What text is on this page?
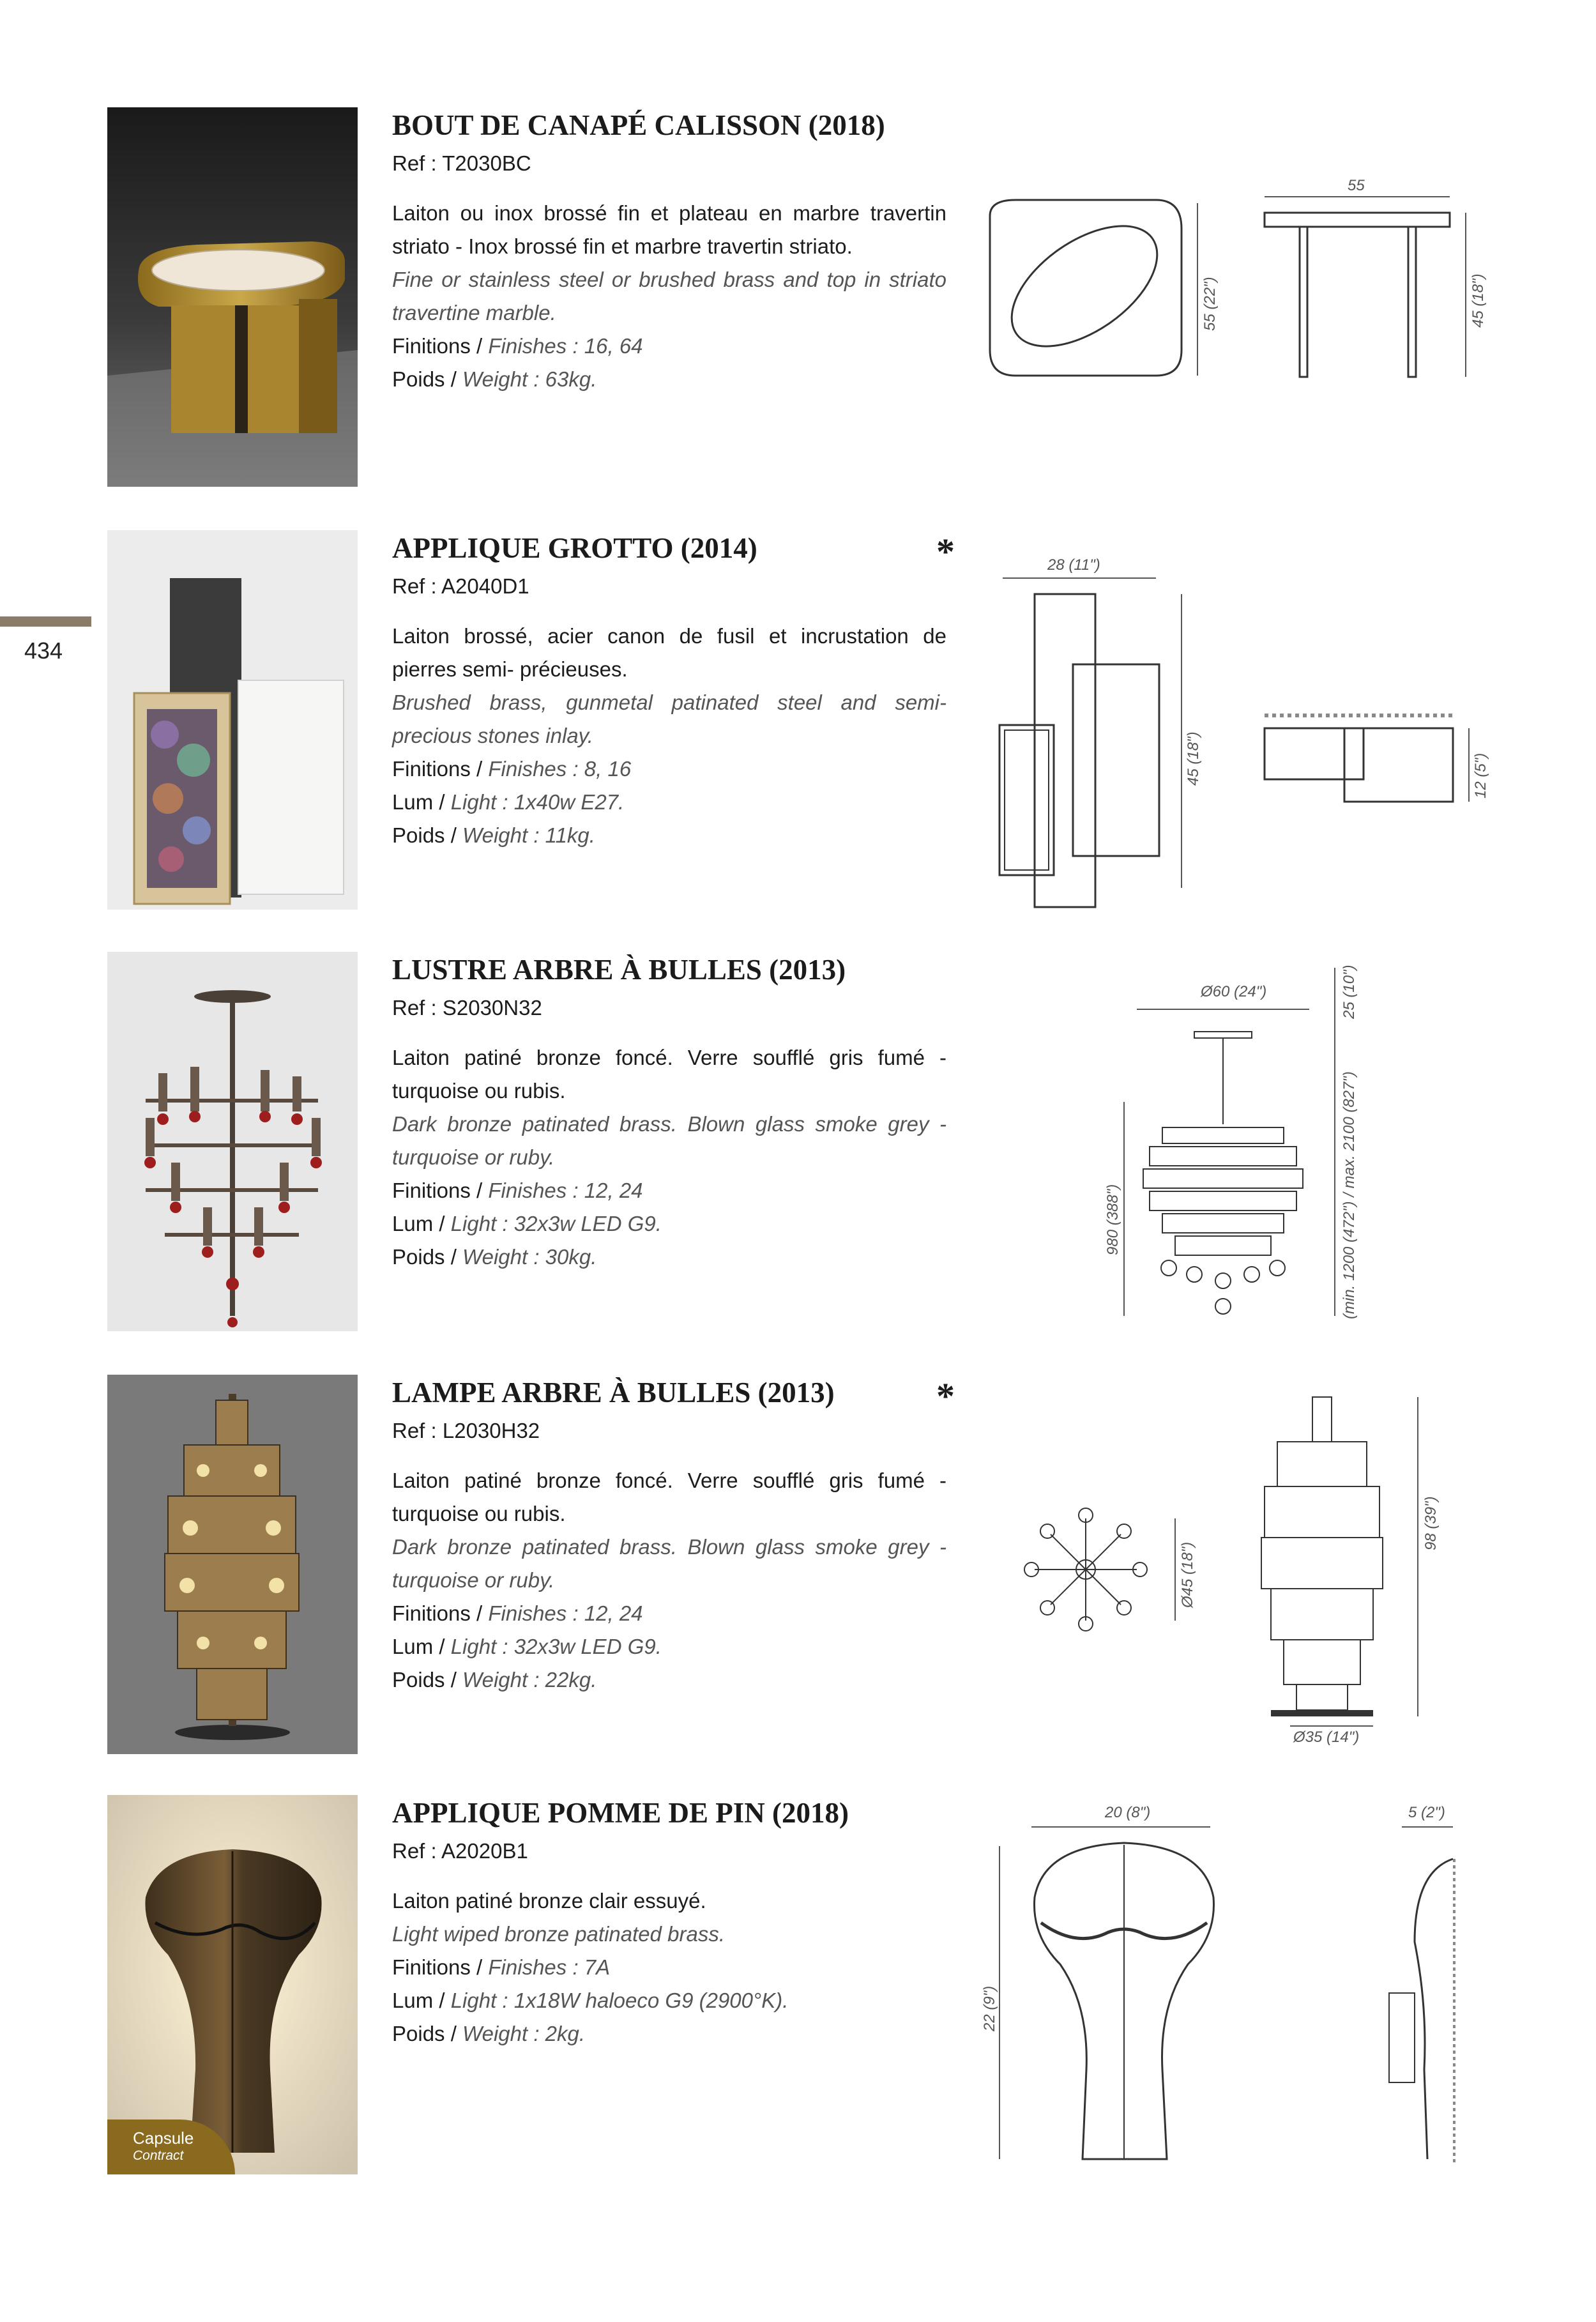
434
BOUT DE CANAPÉ CALISSON (2018)
Ref : T2030BC
Laiton ou inox brossé fin et plateau en marbre travertin striato - Inox brossé fin et marbre travertin striato.
Fine or stainless steel or brushed brass and top in striato travertine marble.
Finitions / Finishes : 16, 64
Poids / Weight : 63kg.
55 (22")
55
45 (18")
*
APPLIQUE GROTTO (2014)
Ref : A2040D1
Laiton brossé, acier canon de fusil et incrustation de pierres semi- précieuses.
Brushed brass, gunmetal patinated steel and semi-precious stones inlay.
Finitions / Finishes : 8, 16
Lum / Light : 1x40w E27.
Poids / Weight : 11kg.
28 (11")
45 (18")	12 (5")
LUSTRE ARBRE À BULLES (2013)
Ref : S2030N32
Laiton patiné bronze foncé. Verre soufflé gris fumé - turquoise ou rubis.
Dark bronze patinated brass. Blown glass smoke grey - turquoise or ruby.
Finitions / Finishes : 12, 24
Lum / Light : 32x3w LED G9.
Poids / Weight : 30kg.
Ø60 (24")
980 (388")
25 (10")
(min. 1200 (472") / max. 2100 (827")
*
LAMPE ARBRE À BULLES (2013)
Ref : L2030H32
Laiton patiné bronze foncé. Verre soufflé gris fumé - turquoise ou rubis.
Dark bronze patinated brass. Blown glass smoke grey - turquoise or ruby.
Finitions / Finishes : 12, 24
Lum / Light : 32x3w LED G9.
Poids / Weight : 22kg.
Ø45 (18")
98 (39")
Ø35 (14")
Capsule
Contract
APPLIQUE POMME DE PIN (2018)
Ref : A2020B1
Laiton patiné bronze clair essuyé.
Light wiped bronze patinated brass.
Finitions / Finishes : 7A
Lum / Light : 1x18W haloeco G9 (2900°K).
Poids / Weight : 2kg.
20 (8")
22 (9")
5 (2")
